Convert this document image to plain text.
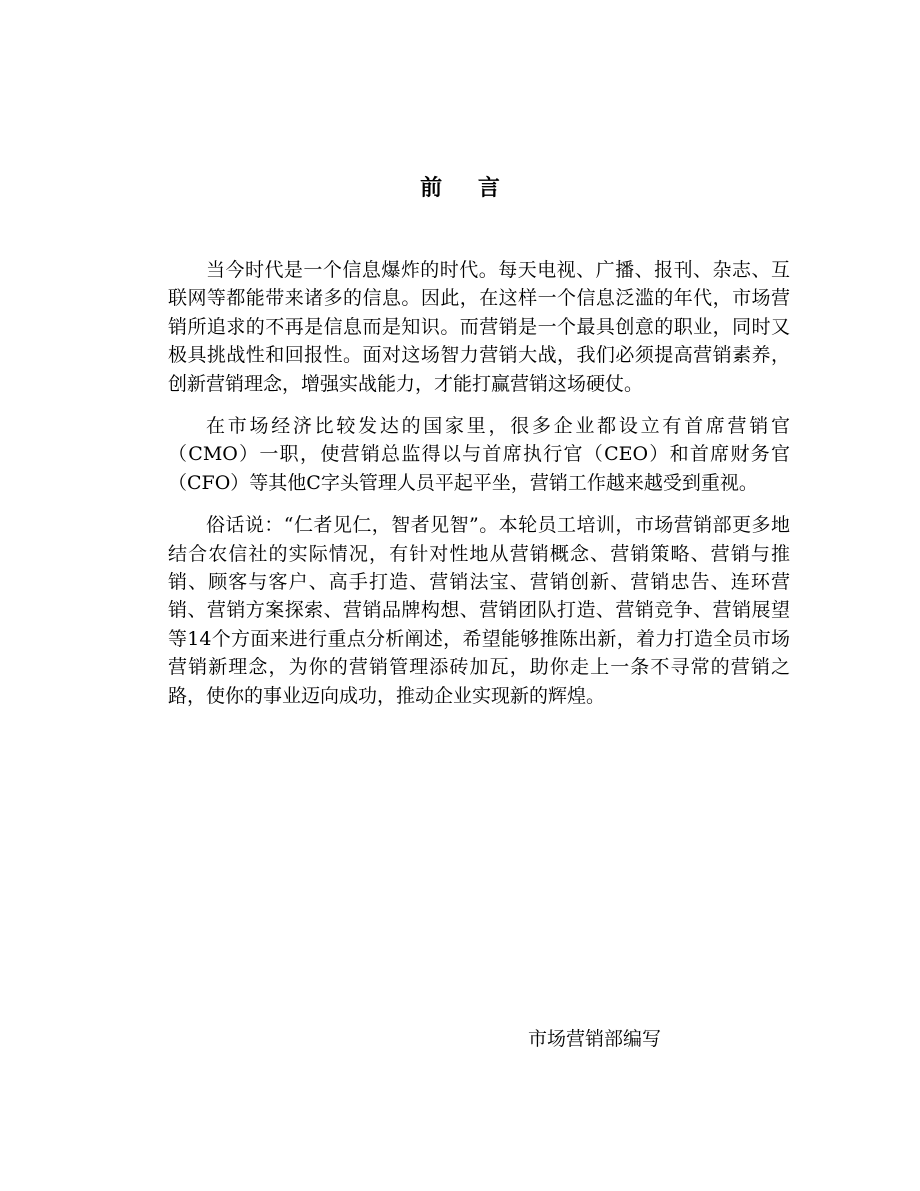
前 言

当今时代是一个信息爆炸的时代。每天电视、广播、报刊、杂志、互联网等都能带来诸多的信息。因此，在这样一个信息泛滥的年代，市场营销所追求的不再是信息而是知识。而营销是一个最具创意的职业，同时又极具挑战性和回报性。面对这场智力营销大战，我们必须提高营销素养，创新营销理念，增强实战能力，才能打赢营销这场硬仗。

在市场经济比较发达的国家里，很多企业都设立有首席营销官（CMO）一职，使营销总监得以与首席执行官（CEO）和首席财务官（CFO）等其他C字头管理人员平起平坐，营销工作越来越受到重视。

俗话说：“仁者见仁，智者见智”。本轮员工培训，市场营销部更多地结合农信社的实际情况，有针对性地从营销概念、营销策略、营销与推销、顾客与客户、高手打造、营销法宝、营销创新、营销忠告、连环营销、营销方案探索、营销品牌构想、营销团队打造、营销竞争、营销展望等14个方面来进行重点分析阐述，希望能够推陈出新，着力打造全员市场营销新理念，为你的营销管理添砖加瓦，助你走上一条不寻常的营销之路，使你的事业迈向成功，推动企业实现新的辉煌。

市场营销部编写
